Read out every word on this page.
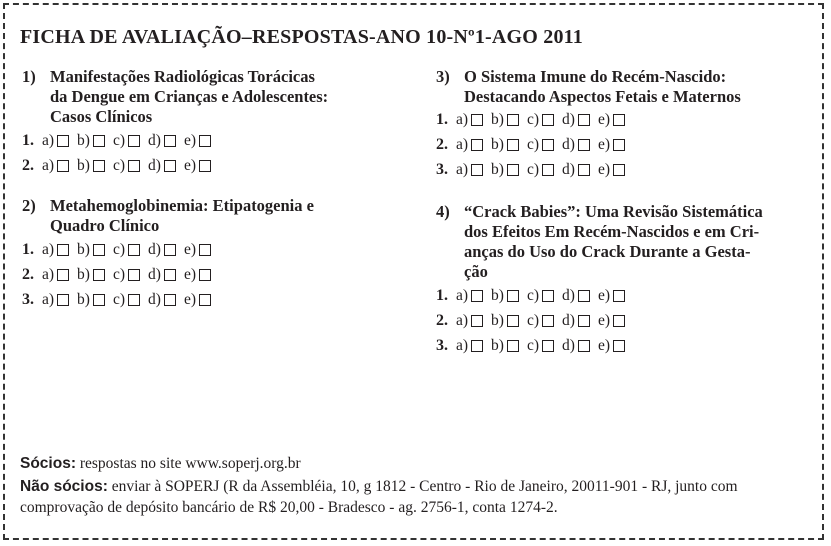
FICHA DE AVALIAÇÃO–RESPOSTAS-ANO 10-Nº1-AGO 2011
1) Manifestações Radiológicas Torácicas
da Dengue em Crianças e Adolescentes:
Casos Clínicos
1. a) b) c) d) e)
2. a) b) c) d) e)
2) Metahemoglobinemia: Etipatogenia e
Quadro Clínico
1. a) b) c) d) e)
2. a) b) c) d) e)
3. a) b) c) d) e)
3) O Sistema Imune do Recém-Nascido:
Destacando Aspectos Fetais e Maternos
1. a) b) c) d) e)
2. a) b) c) d) e)
3. a) b) c) d) e)
4) “Crack Babies”: Uma Revisão Sistemática
dos Efeitos Em Recém-Nascidos e em Cri-
anças do Uso do Crack Durante a Gesta-
ção
1. a) b) c) d) e)
2. a) b) c) d) e)
3. a) b) c) d) e)
Sócios: respostas no site www.soperj.org.br
Não sócios: enviar à SOPERJ (R da Assembléia, 10, g 1812 - Centro - Rio de Janeiro, 20011-901 - RJ, junto com
comprovação de depósito bancário de R$ 20,00 - Bradesco - ag. 2756-1, conta 1274-2.
